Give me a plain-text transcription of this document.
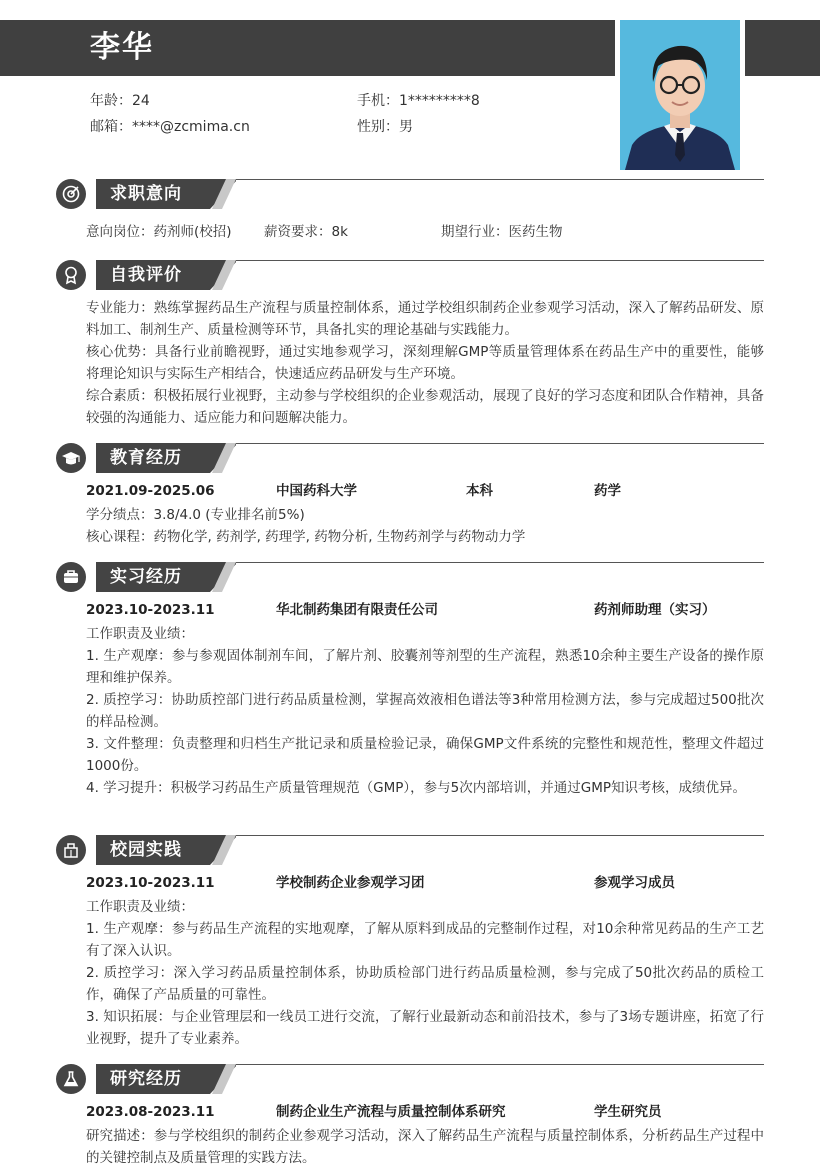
李华
年龄：24	手机：1*********8
邮箱：****@zcmima.cn	性别：男
求职意向
意向岗位：药剂师(校招) 薪资要求：8k	期望行业：医药生物
自我评价

专业能力：熟练掌握药品生产流程与质量控制体系，通过学校组织制药企业参观学习活动，深入了解药品研发、原料加工、制剂生产、质量检测等环节，具备扎实的理论基础与实践能力。

核心优势：具备行业前瞻视野，通过实地参观学习，深刻理解GMP等质量管理体系在药品生产中的重要性，能够将理论知识与实际生产相结合，快速适应药品研发与生产环境。

综合素质：积极拓展行业视野，主动参与学校组织的企业参观活动，展现了良好的学习态度和团队合作精神，具备较强的沟通能力、适应能力和问题解决能力。

教育经历
2021.09-2025.06	中国药科大学	本科	药学

学分绩点：3.8/4.0 (专业排名前5%)

核心课程：药物化学, 药剂学, 药理学, 药物分析, 生物药剂学与药物动力学

实习经历
2023.10-2023.11	华北制药集团有限责任公司	药剂师助理（实习）

工作职责及业绩：

1. 生产观摩：参与参观固体制剂车间，了解片剂、胶囊剂等剂型的生产流程，熟悉10余种主要生产设备的操作原理和维护保养。

2. 质控学习：协助质控部门进行药品质量检测，掌握高效液相色谱法等3种常用检测方法，参与完成超过500批次的样品检测。

3. 文件整理：负责整理和归档生产批记录和质量检验记录，确保GMP文件系统的完整性和规范性，整理文件超过1000份。

4. 学习提升：积极学习药品生产质量管理规范（GMP），参与5次内部培训，并通过GMP知识考核，成绩优异。

校园实践
2023.10-2023.11	学校制药企业参观学习团	参观学习成员

工作职责及业绩：

1. 生产观摩：参与药品生产流程的实地观摩，了解从原料到成品的完整制作过程，对10余种常见药品的生产工艺有了深入认识。

2. 质控学习：深入学习药品质量控制体系，协助质检部门进行药品质量检测，参与完成了50批次药品的质检工作，确保了产品质量的可靠性。

3. 知识拓展：与企业管理层和一线员工进行交流，了解行业最新动态和前沿技术，参与了3场专题讲座，拓宽了行业视野，提升了专业素养。

研究经历
2023.08-2023.11	制药企业生产流程与质量控制体系研究	学生研究员

研究描述：参与学校组织的制药企业参观学习活动，深入了解药品生产流程与质量控制体系，分析药品生产过程中的关键控制点及质量管理的实践方法。
